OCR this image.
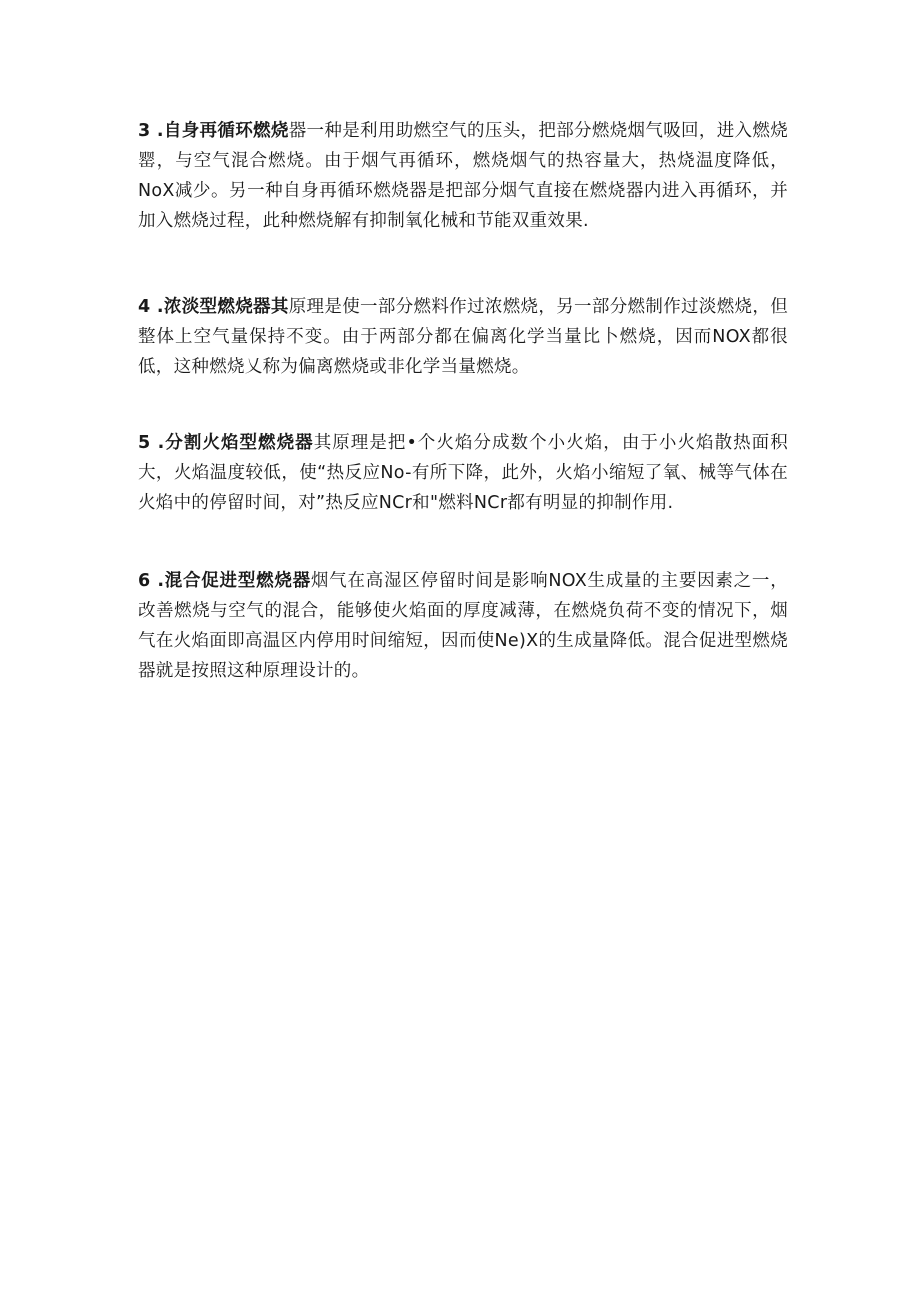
3 .自身再循环燃烧器一种是利用助燃空气的压头，把部分燃烧烟气吸回，进入燃烧罂，与空气混合燃烧。由于烟气再循环，燃烧烟气的热容量大，热烧温度降低，NoX减少。另一种自身再循环燃烧器是把部分烟气直接在燃烧器内进入再循环，并加入燃烧过程，此种燃烧解有抑制氧化械和节能双重效果.

4 .浓淡型燃烧器其原理是使一部分燃料作过浓燃烧，另一部分燃制作过淡燃烧，但整体上空气量保持不变。由于两部分都在偏离化学当量比卜燃烧，因而NOX都很低，这种燃烧乂称为偏离燃烧或非化学当量燃烧。

5 .分割火焰型燃烧器其原理是把•个火焰分成数个小火焰，由于小火焰散热面积大，火焰温度较低，使“热反应No-有所下降，此外，火焰小缩短了氧、械等气体在火焰中的停留时间，对”热反应NCr和"燃料NCr都有明显的抑制作用.

6 .混合促进型燃烧器烟气在高湿区停留时间是影响NOX生成量的主要因素之一，改善燃烧与空气的混合，能够使火焰面的厚度减薄，在燃烧负荷不变的情况下，烟气在火焰面即高温区内停用时间缩短，因而使Ne)X的生成量降低。混合促进型燃烧器就是按照这种原理设计的。
